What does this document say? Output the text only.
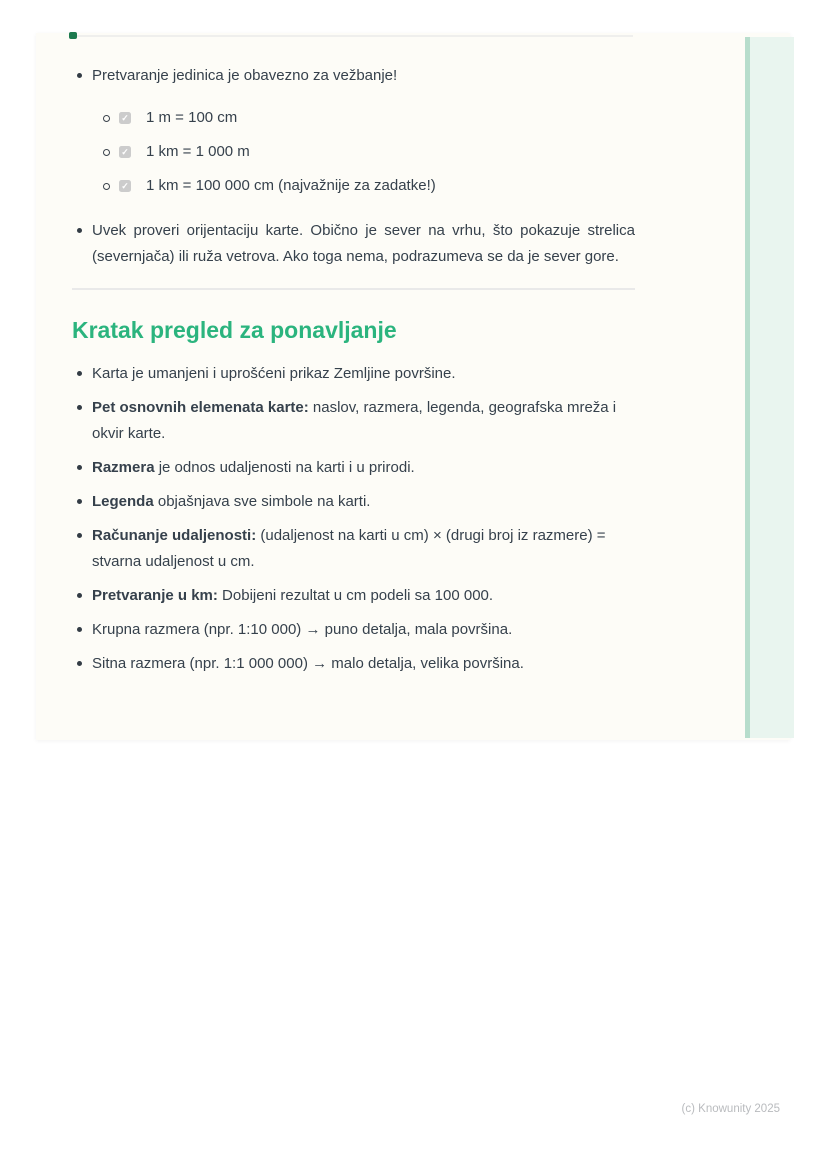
Pretvaranje jedinica je obavezno za vežbanje!
✓ 1 m = 100 cm
✓ 1 km = 1 000 m
✓ 1 km = 100 000 cm (najvažnije za zadatke!)
Uvek proveri orijentaciju karte. Obično je sever na vrhu, što pokazuje strelica (severnjača) ili ruža vetrova. Ako toga nema, podrazumeva se da je sever gore.
Kratak pregled za ponavljanje
Karta je umanjeni i uprošćeni prikaz Zemljine površine.
Pet osnovnih elemenata karte: naslov, razmera, legenda, geografska mreža i okvir karte.
Razmera je odnos udaljenosti na karti i u prirodi.
Legenda objašnjava sve simbole na karti.
Računanje udaljenosti: (udaljenost na karti u cm) × (drugi broj iz razmere) = stvarna udaljenost u cm.
Pretvaranje u km: Dobijeni rezultat u cm podeli sa 100 000.
Krupna razmera (npr. 1:10 000) → puno detalja, mala površina.
Sitna razmera (npr. 1:1 000 000) → malo detalja, velika površina.
(c) Knowunity 2025
